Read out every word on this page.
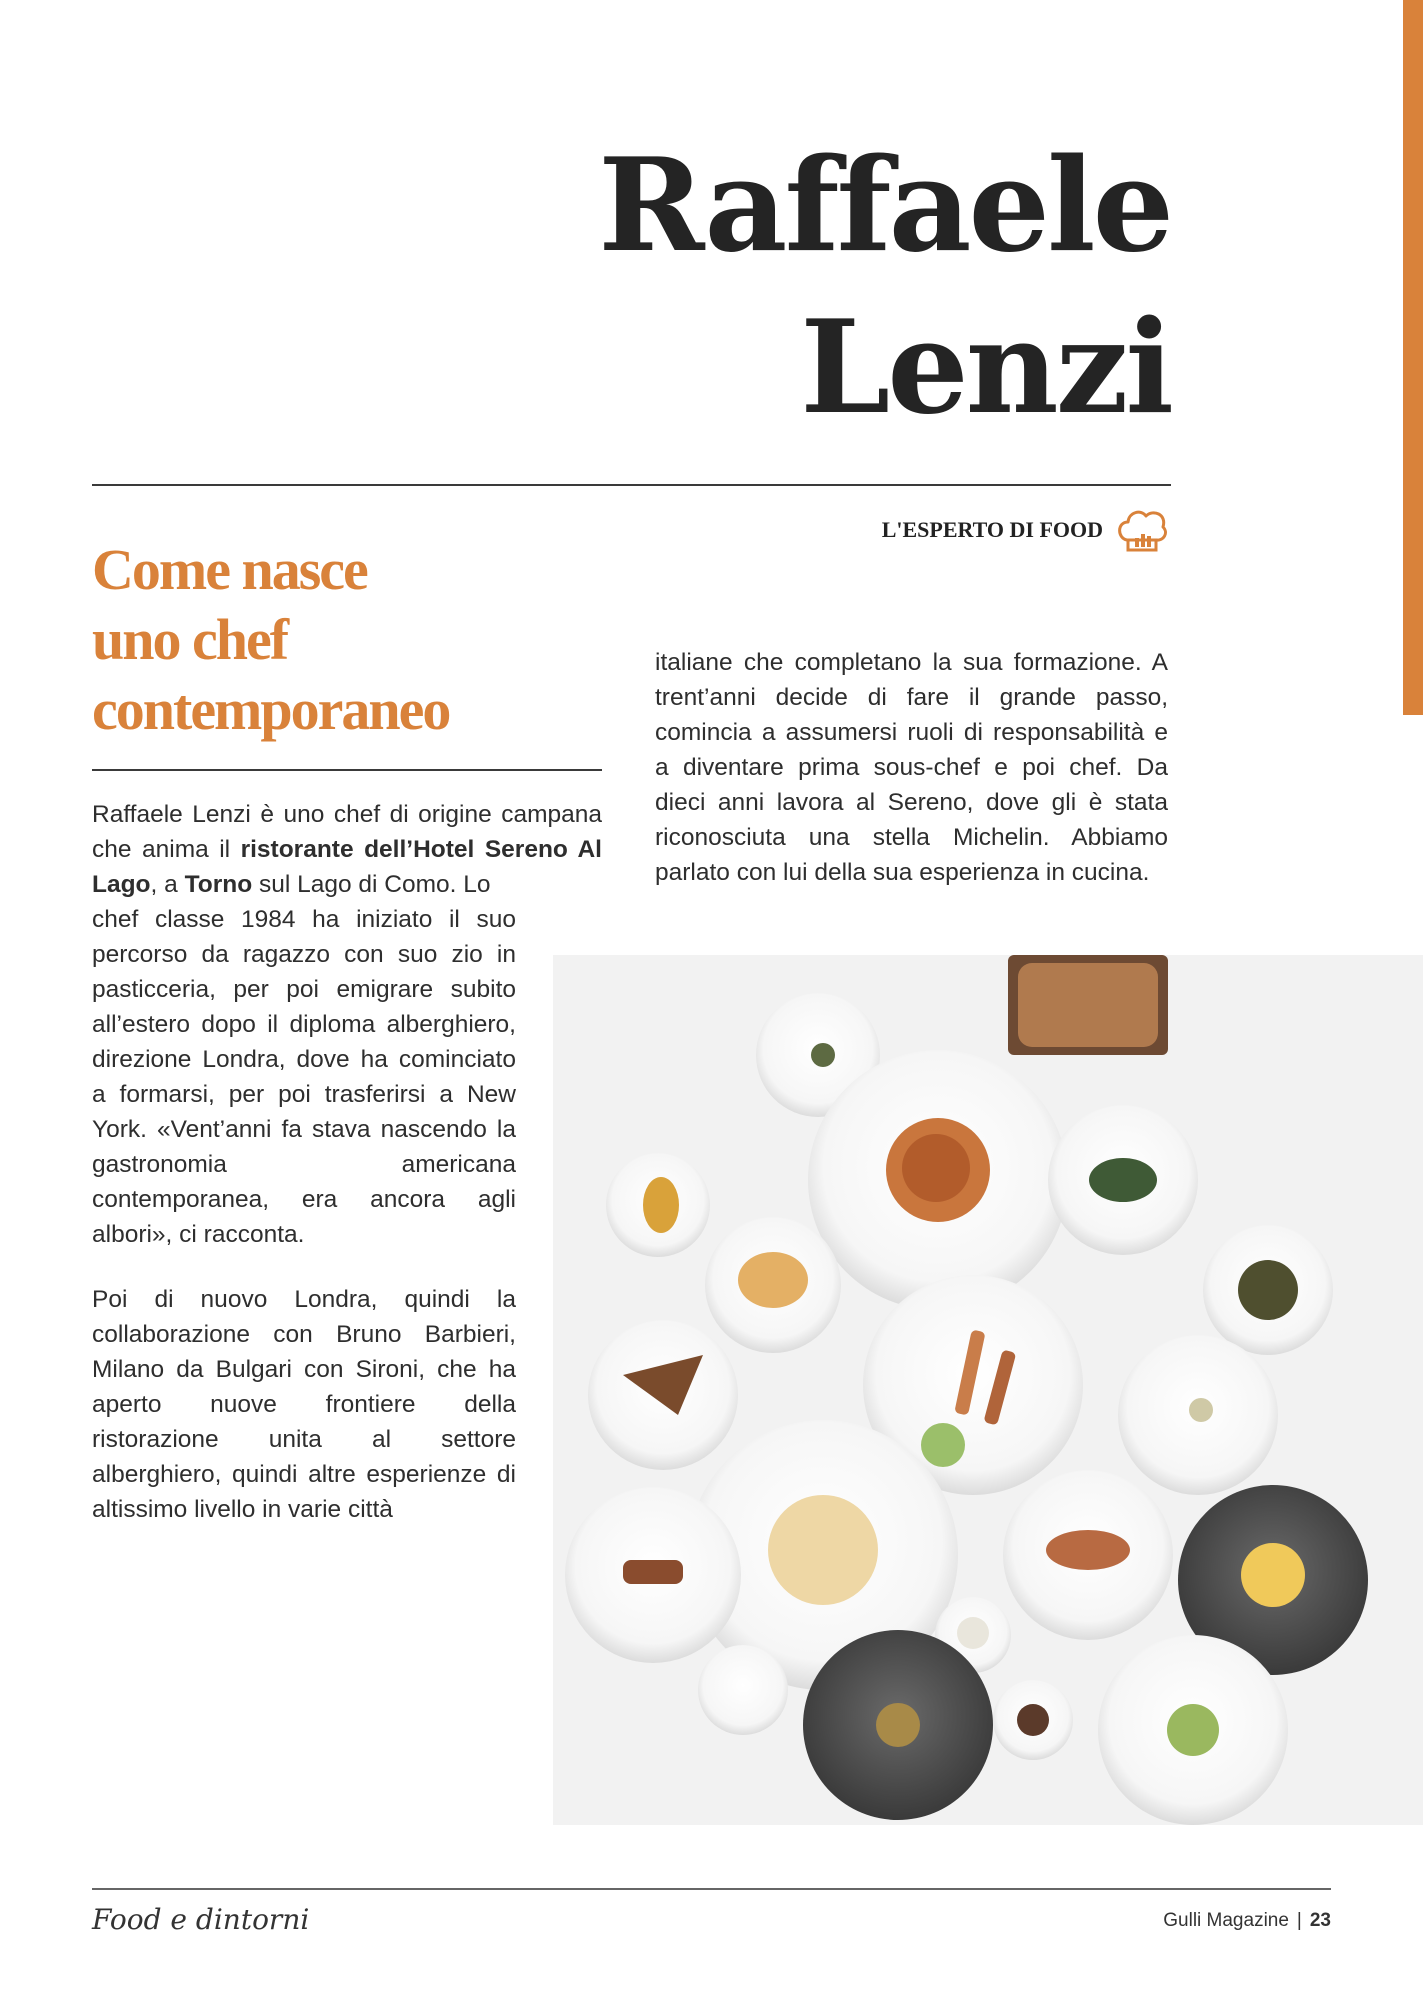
Raffaele
Lenzi
L'ESPERTO DI FOOD
Come nasce
uno chef
contemporaneo

Raffaele Lenzi è uno chef di origine campana che anima il ristorante dell’Hotel Sereno Al Lago, a Torno sul Lago di Como. Lo
chef classe 1984 ha iniziato il suo percorso da ragazzo con suo zio in pasticceria, per poi emigrare subito all’estero dopo il diploma alberghiero, direzione Londra, dove ha cominciato a formarsi, per poi trasferirsi a New York. «Vent’anni fa stava nascendo la gastronomia americana contemporanea, era ancora agli albori», ci racconta.

Poi di nuovo Londra, quindi la collaborazione con Bruno Barbieri, Milano da Bulgari con Sironi, che ha aperto nuove frontiere della ristorazione unita al settore alberghiero, quindi altre esperienze di altissimo livello in varie città

italiane che completano la sua formazione. A trent’anni decide di fare il grande passo, comincia a assumersi ruoli di responsabilità e a diventare prima sous-chef e poi chef. Da dieci anni lavora al Sereno, dove gli è stata riconosciuta una stella Michelin. Abbiamo parlato con lui della sua esperienza in cucina.

Food e dintorni	Gulli Magazine | 23
